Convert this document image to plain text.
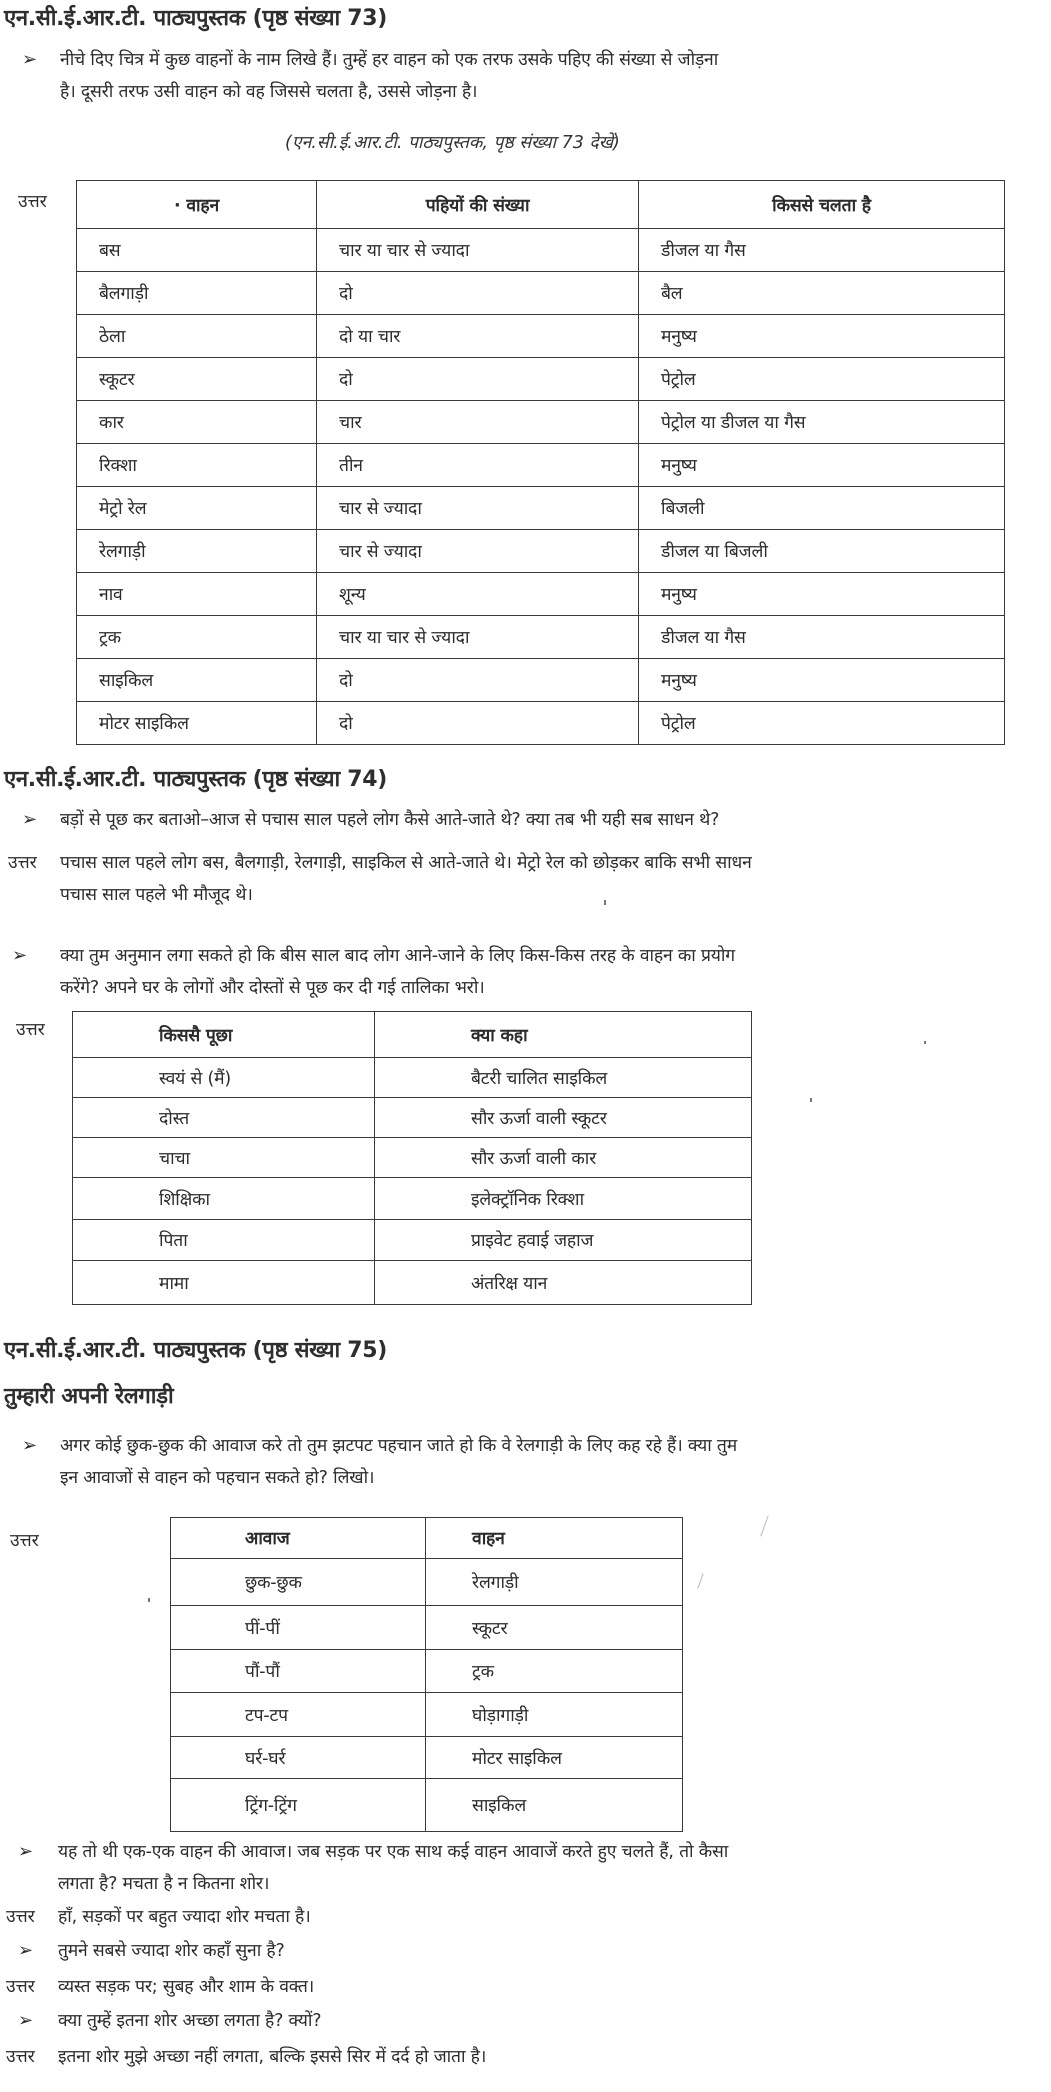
एन.सी.ई.आर.टी. पाठ्यपुस्तक (पृष्ठ संख्या 73)
➢ नीचे दिए चित्र में कुछ वाहनों के नाम लिखे हैं। तुम्हें हर वाहन को एक तरफ उसके पहिए की संख्या से जोड़ना
है। दूसरी तरफ उसी वाहन को वह जिससे चलता है, उससे जोड़ना है।
(एन.सी.ई.आर.टी. पाठ्यपुस्तक, पृष्ठ संख्या 73 देखें)
उत्तर	· वाहन	पहियों की संख्या	किससे चलता है
बस	चार या चार से ज्यादा	डीजल या गैस
बैलगाड़ी	दो	बैल
ठेला	दो या चार	मनुष्य
स्कूटर	दो	पेट्रोल
कार	चार	पेट्रोल या डीजल या गैस
रिक्शा	तीन	मनुष्य
मेट्रो रेल	चार से ज्यादा	बिजली
रेलगाड़ी	चार से ज्यादा	डीजल या बिजली
नाव	शून्य	मनुष्य
ट्रक	चार या चार से ज्यादा	डीजल या गैस
साइकिल	दो	मनुष्य
मोटर साइकिल	दो	पेट्रोल
एन.सी.ई.आर.टी. पाठ्यपुस्तक (पृष्ठ संख्या 74)
➢ बड़ों से पूछ कर बताओ–आज से पचास साल पहले लोग कैसे आते-जाते थे? क्या तब भी यही सब साधन थे?
उत्तर पचास साल पहले लोग बस, बैलगाड़ी, रेलगाड़ी, साइकिल से आते-जाते थे। मेट्रो रेल को छोड़कर बाकि सभी साधन
पचास साल पहले भी मौजूद थे।
➢ क्या तुम अनुमान लगा सकते हो कि बीस साल बाद लोग आने-जाने के लिए किस-किस तरह के वाहन का प्रयोग
करेंगे? अपने घर के लोगों और दोस्तों से पूछ कर दी गई तालिका भरो।
उत्तर	किससै पूछा	क्या कहा
स्वयं से (मैं)	बैटरी चालित साइकिल
दोस्त	सौर ऊर्जा वाली स्कूटर
चाचा	सौर ऊर्जा वाली कार
शिक्षिका	इलेक्ट्रॉनिक रिक्शा
पिता	प्राइवेट हवाई जहाज
मामा	अंतरिक्ष यान
एन.सी.ई.आर.टी. पाठ्यपुस्तक (पृष्ठ संख्या 75)
तुम्हारी अपनी रेलगाड़ी
➢ अगर कोई छुक-छुक की आवाज करे तो तुम झटपट पहचान जाते हो कि वे रेलगाड़ी के लिए कह रहे हैं। क्या तुम
इन आवाजों से वाहन को पहचान सकते हो? लिखो।
उत्तर	आवाज	वाहन
छुक-छुक	रेलगाड़ी
पीं-पीं	स्कूटर
पौं-पौं	ट्रक
टप-टप	घोड़ागाड़ी
घर्र-घर्र	मोटर साइकिल
ट्रिंग-ट्रिंग	साइकिल
➢ यह तो थी एक-एक वाहन की आवाज। जब सड़क पर एक साथ कई वाहन आवाजें करते हुए चलते हैं, तो कैसा
लगता है? मचता है न कितना शोर।
उत्तर हाँ, सड़कों पर बहुत ज्यादा शोर मचता है।
➢ तुमने सबसे ज्यादा शोर कहाँ सुना है?
उत्तर व्यस्त सड़क पर; सुबह और शाम के वक्त।
➢ क्या तुम्हें इतना शोर अच्छा लगता है? क्यों?
उत्तर इतना शोर मुझे अच्छा नहीं लगता, बल्कि इससे सिर में दर्द हो जाता है।
